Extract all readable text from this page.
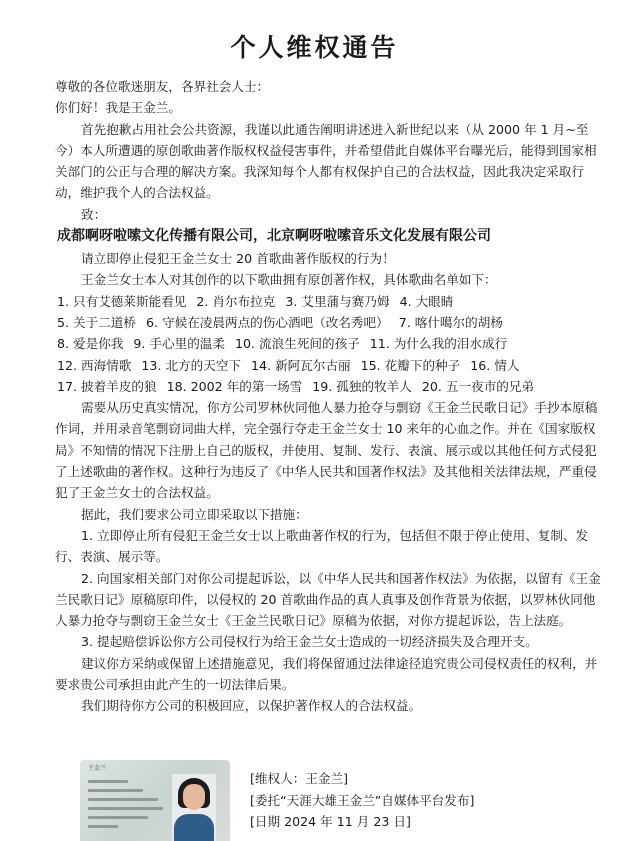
个人维权通告

尊敬的各位歌迷朋友，各界社会人士：

你们好！我是王金兰。

首先抱歉占用社会公共资源，我谨以此通告阐明讲述进入新世纪以来（从 2000 年 1 月~至今）本人所遭遇的原创歌曲著作版权权益侵害事件，并希望借此自媒体平台曝光后，能得到国家相关部门的公正与合理的解决方案。我深知每个人都有权保护自己的合法权益，因此我决定采取行动，维护我个人的合法权益。

致：

成都啊呀啦嗦文化传播有限公司，北京啊呀啦嗦音乐文化发展有限公司

请立即停止侵犯王金兰女士 20 首歌曲著作版权的行为！

王金兰女士本人对其创作的以下歌曲拥有原创著作权，具体歌曲名单如下：

1. 只有艾德莱斯能看见 2. 肖尔布拉克 3. 艾里蒲与赛乃姆 4. 大眼睛
5. 关于二道桥 6. 守候在凌晨两点的伤心酒吧（改名秀吧） 7. 喀什噶尔的胡杨
8. 爱是你我 9. 手心里的温柔 10. 流浪生死间的孩子 11. 为什么我的泪水成行
12. 西海情歌 13. 北方的天空下 14. 新阿瓦尔古丽 15. 花瓣下的种子 16. 情人
17. 披着羊皮的狼 18. 2002 年的第一场雪 19. 孤独的牧羊人 20. 五一夜市的兄弟

需要从历史真实情况，你方公司罗林伙同他人暴力抢夺与剽窃《王金兰民歌日记》手抄本原稿作词，并用录音笔剽窃词曲大样，完全强行夺走王金兰女士 10 来年的心血之作。并在《国家版权局》不知情的情况下注册上自己的版权，并使用、复制、发行、表演、展示或以其他任何方式侵犯了上述歌曲的著作权。这种行为违反了《中华人民共和国著作权法》及其他相关法律法规，严重侵犯了王金兰女士的合法权益。

据此，我们要求公司立即采取以下措施：

1. 立即停止所有侵犯王金兰女士以上歌曲著作权的行为，包括但不限于停止使用、复制、发行、表演、展示等。

2. 向国家相关部门对你公司提起诉讼，以《中华人民共和国著作权法》为依据，以留有《王金兰民歌日记》原稿原印件，以侵权的 20 首歌曲作品的真人真事及创作背景为依据，以罗林伙同他人暴力抢夺与剽窃王金兰女士《王金兰民歌日记》原稿为依据，对你方提起诉讼，告上法庭。

3. 提起赔偿诉讼你方公司侵权行为给王金兰女士造成的一切经济损失及合理开支。

建议你方采纳或保留上述措施意见，我们将保留通过法律途径追究贵公司侵权责任的权利，并要求贵公司承担由此产生的一切法律后果。

我们期待你方公司的积极回应，以保护著作权人的合法权益。

王金兰

[维权人：王金兰]

[委托“天涯大雄王金兰”自媒体平台发布]

[日期 2024 年 11 月 23 日]
